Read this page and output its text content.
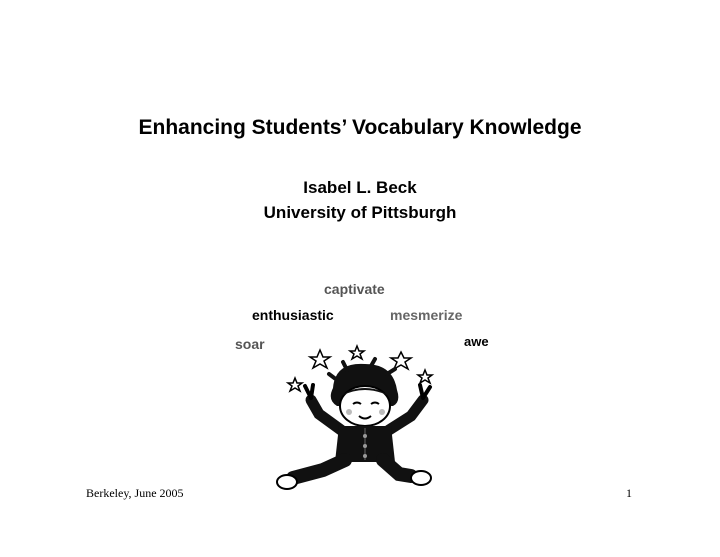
Enhancing Students’ Vocabulary Knowledge
Isabel L. Beck
University of Pittsburgh
captivate
enthusiastic	mesmerize
soar	awe
Berkeley, June 2005	1
